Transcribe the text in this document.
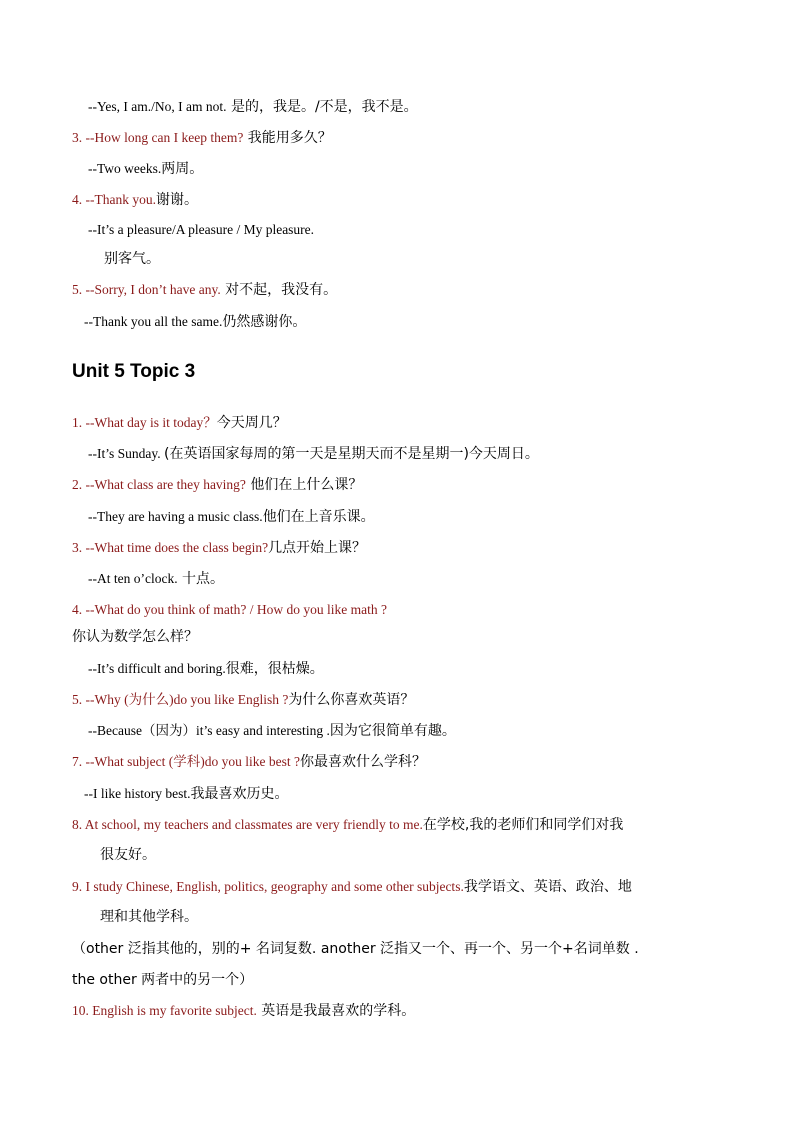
--Yes, I am./No, I am not. 是的，我是。/不是，我不是。
3. --How long can I keep them? 我能用多久？
--Two weeks.两周。
4. --Thank you.谢谢。
--It’s a pleasure/A pleasure / My pleasure.
别客气。
5. --Sorry, I don’t have any. 对不起，我没有。
--Thank you all the same.仍然感谢你。
Unit 5 Topic 3
1. --What day is it today？今天周几？
--It’s Sunday. (在英语国家每周的第一天是星期天而不是星期一)今天周日。
2. --What class are they having? 他们在上什么课？
--They are having a music class.他们在上音乐课。
3. --What time does the class begin?几点开始上课？
--At ten o’clock. 十点。
4. --What do you think of math? / How do you like math ?
你认为数学怎么样？
--It’s difficult and boring.很难，很枯燥。
5. --Why (为什么)do you like English ?为什么你喜欢英语？
--Because（因为）it’s easy and interesting .因为它很简单有趣。
7. --What subject (学科)do you like best ?你最喜欢什么学科？
--I like history best.我最喜欢历史。
8. At school, my teachers and classmates are very friendly to me.在学校,我的老师们和同学们对我
很友好。
9. I study Chinese, English, politics, geography and some other subjects.我学语文、英语、政治、地
理和其他学科。
（other 泛指其他的，别的+ 名词复数. another 泛指又一个、再一个、另一个+名词单数 .
the other 两者中的另一个）
10. English is my favorite subject. 英语是我最喜欢的学科。
